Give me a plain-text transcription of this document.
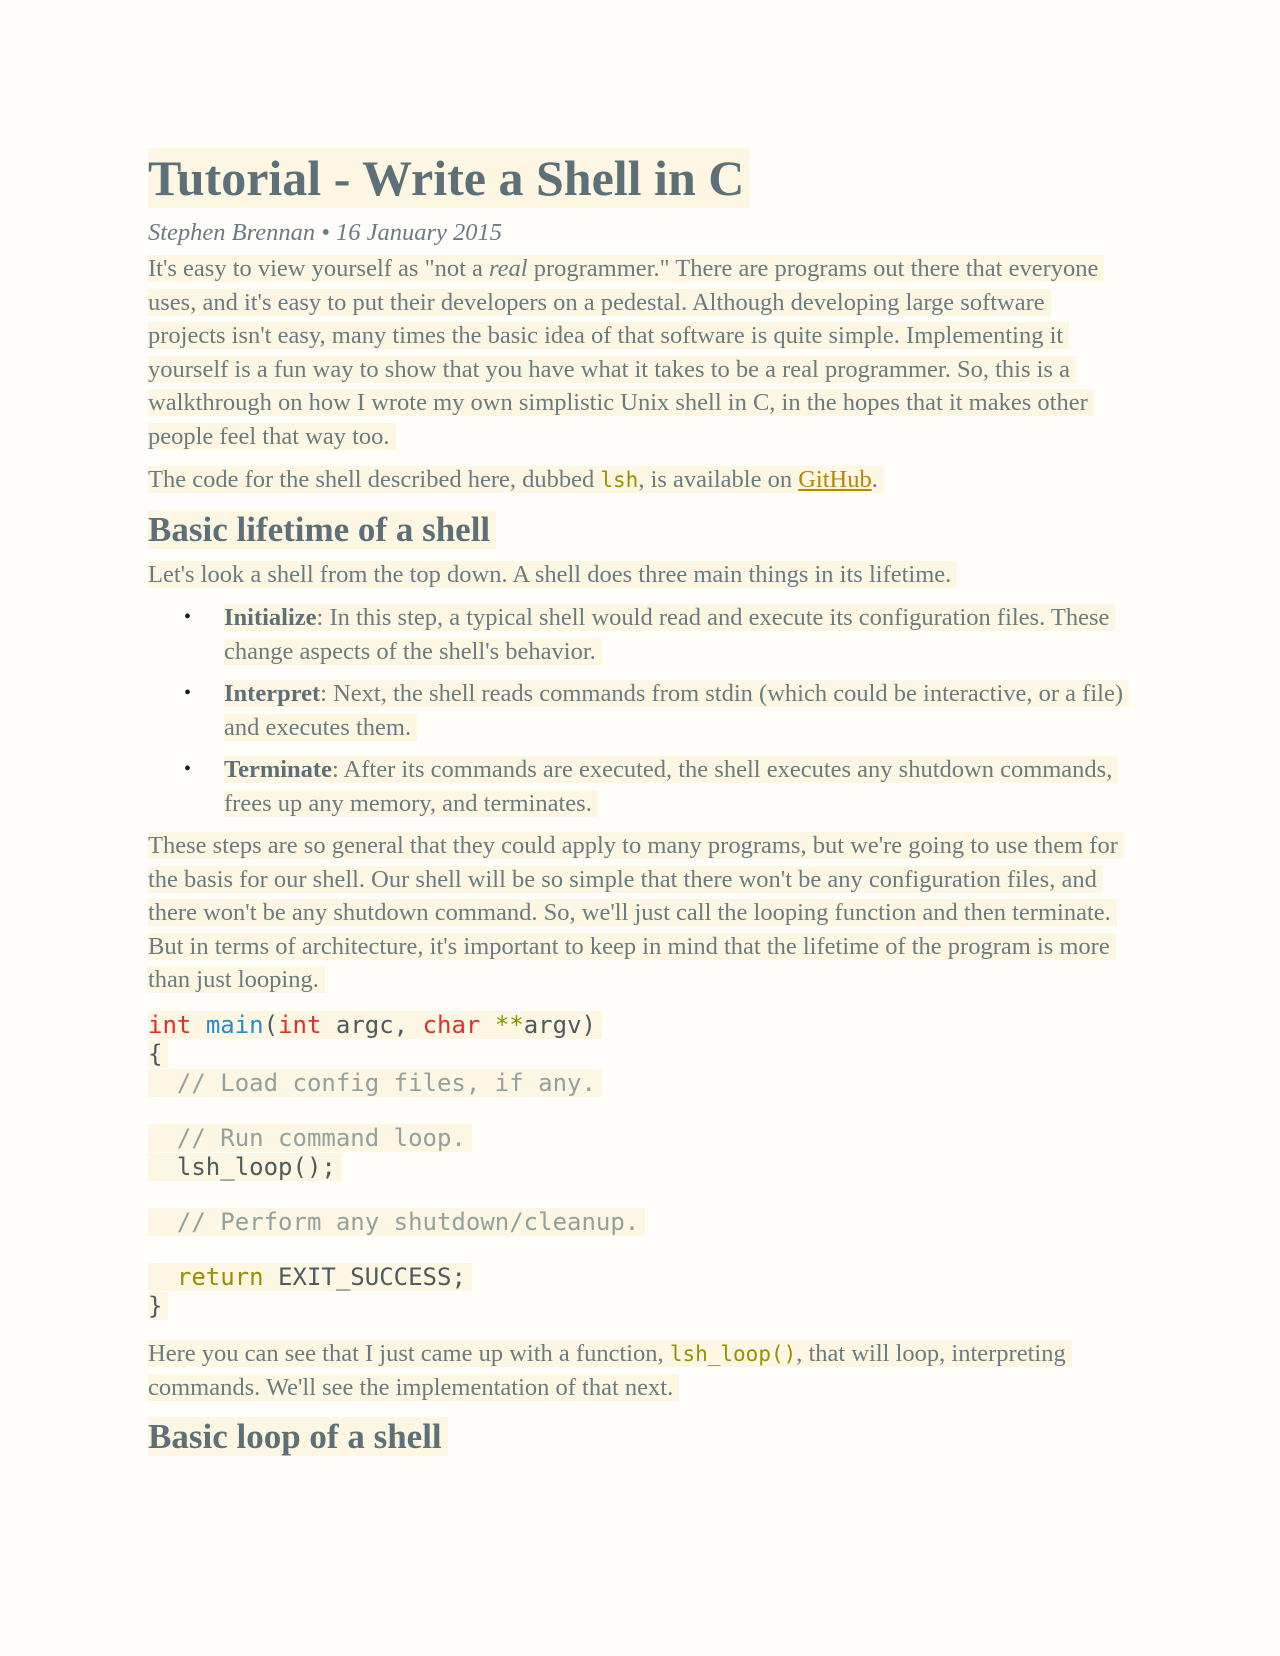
Tutorial - Write a Shell in C
Stephen Brennan • 16 January 2015

It's easy to view yourself as "not a real programmer." There are programs out there that everyone uses, and it's easy to put their developers on a pedestal. Although developing large software projects isn't easy, many times the basic idea of that software is quite simple. Implementing it yourself is a fun way to show that you have what it takes to be a real programmer. So, this is a walkthrough on how I wrote my own simplistic Unix shell in C, in the hopes that it makes other people feel that way too.

The code for the shell described here, dubbed lsh, is available on GitHub.

Basic lifetime of a shell

Let's look a shell from the top down. A shell does three main things in its lifetime.

• Initialize: In this step, a typical shell would read and execute its configuration files. These change aspects of the shell's behavior.
• Interpret: Next, the shell reads commands from stdin (which could be interactive, or a file) and executes them.
• Terminate: After its commands are executed, the shell executes any shutdown commands, frees up any memory, and terminates.

These steps are so general that they could apply to many programs, but we're going to use them for the basis for our shell. Our shell will be so simple that there won't be any configuration files, and there won't be any shutdown command. So, we'll just call the looping function and then terminate. But in terms of architecture, it's important to keep in mind that the lifetime of the program is more than just looping.

int main(int argc, char **argv)
{
// Load config files, if any.
// Run command loop.
lsh_loop();
// Perform any shutdown/cleanup.
return EXIT_SUCCESS;
}

Here you can see that I just came up with a function, lsh_loop(), that will loop, interpreting commands. We'll see the implementation of that next.

Basic loop of a shell
